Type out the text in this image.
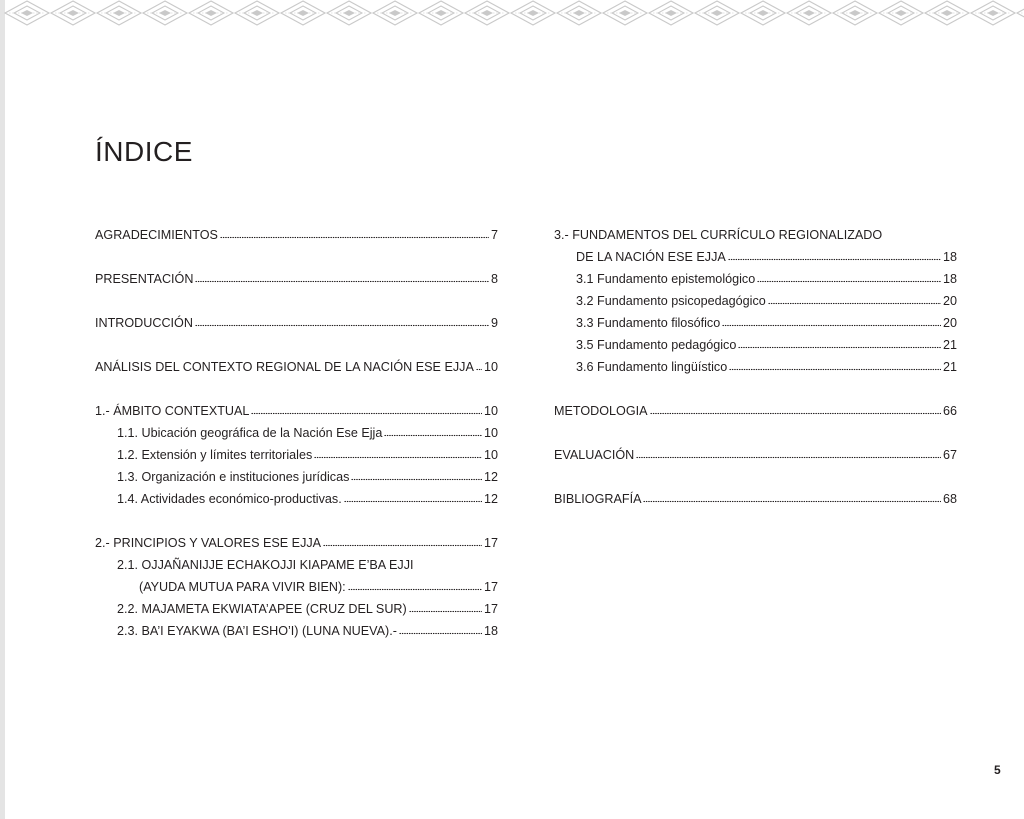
ÍNDICE
AGRADECIMIENTOS	7
PRESENTACIÓN	8
INTRODUCCIÓN	9
ANÁLISIS DEL CONTEXTO REGIONAL DE LA NACIÓN ESE EJJA 10
1.- ÁMBITO CONTEXTUAL	10
1.1. Ubicación geográfica de la Nación Ese Ejja	10
1.2. Extensión y límites territoriales	10
1.3. Organización e instituciones jurídicas	12
1.4. Actividades económico-productivas.	12
2.- PRINCIPIOS Y VALORES ESE EJJA	17
2.1. OJJAÑANIJJE ECHAKOJJI KIAPAME E’BA EJJI
(AYUDA MUTUA PARA VIVIR BIEN):	17
2.2. MAJAMETA EKWIATA’APEE (CRUZ DEL SUR)	17
2.3. BA’I EYAKWA (BA’I ESHO’I) (LUNA NUEVA).-	18
3.- FUNDAMENTOS DEL CURRÍCULO REGIONALIZADO
DE LA NACIÓN ESE EJJA	18
3.1 Fundamento epistemológico	18
3.2 Fundamento psicopedagógico	20
3.3 Fundamento filosófico	20
3.5 Fundamento pedagógico	21
3.6 Fundamento lingüístico	21
METODOLOGIA	66
EVALUACIÓN	67
BIBLIOGRAFÍA	68
5
